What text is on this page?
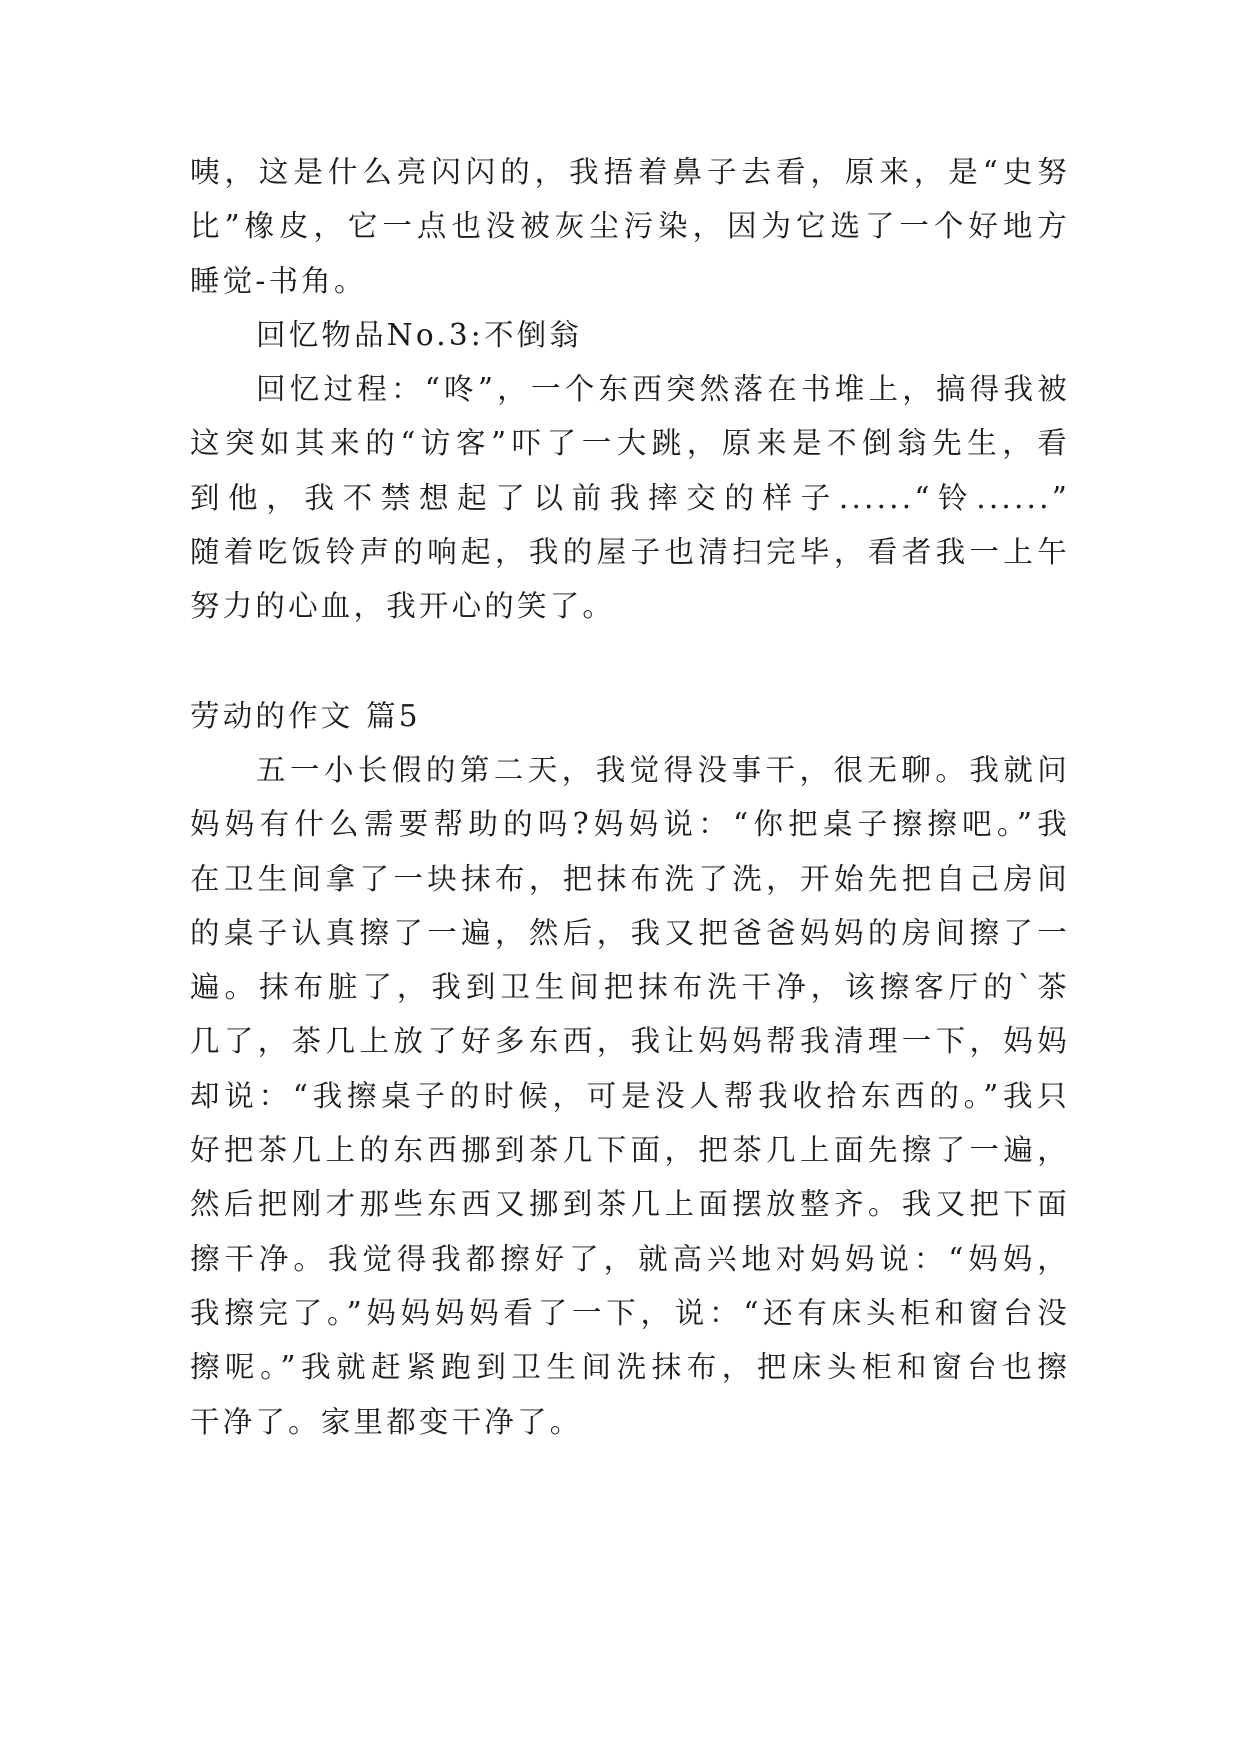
咦，这是什么亮闪闪的，我捂着鼻子去看，原来，是“史努
比”橡皮，它一点也没被灰尘污染，因为它选了一个好地方
睡觉-书角。

回忆物品No.3:不倒翁

回忆过程：“咚”，一个东西突然落在书堆上，搞得我被
这突如其来的“访客”吓了一大跳，原来是不倒翁先生，看
到他，我不禁想起了以前我摔交的样子......“铃......”
随着吃饭铃声的响起，我的屋子也清扫完毕，看者我一上午
努力的心血，我开心的笑了。

劳动的作文 篇5

五一小长假的第二天，我觉得没事干，很无聊。我就问
妈妈有什么需要帮助的吗?妈妈说：“你把桌子擦擦吧。”我
在卫生间拿了一块抹布，把抹布洗了洗，开始先把自己房间
的桌子认真擦了一遍，然后，我又把爸爸妈妈的房间擦了一
遍。抹布脏了，我到卫生间把抹布洗干净，该擦客厅的`茶
几了，茶几上放了好多东西，我让妈妈帮我清理一下，妈妈
却说：“我擦桌子的时候，可是没人帮我收拾东西的。”我只
好把茶几上的东西挪到茶几下面，把茶几上面先擦了一遍，
然后把刚才那些东西又挪到茶几上面摆放整齐。我又把下面
擦干净。我觉得我都擦好了，就高兴地对妈妈说：“妈妈，
我擦完了。”妈妈妈妈看了一下，说：“还有床头柜和窗台没
擦呢。”我就赶紧跑到卫生间洗抹布，把床头柜和窗台也擦
干净了。家里都变干净了。
